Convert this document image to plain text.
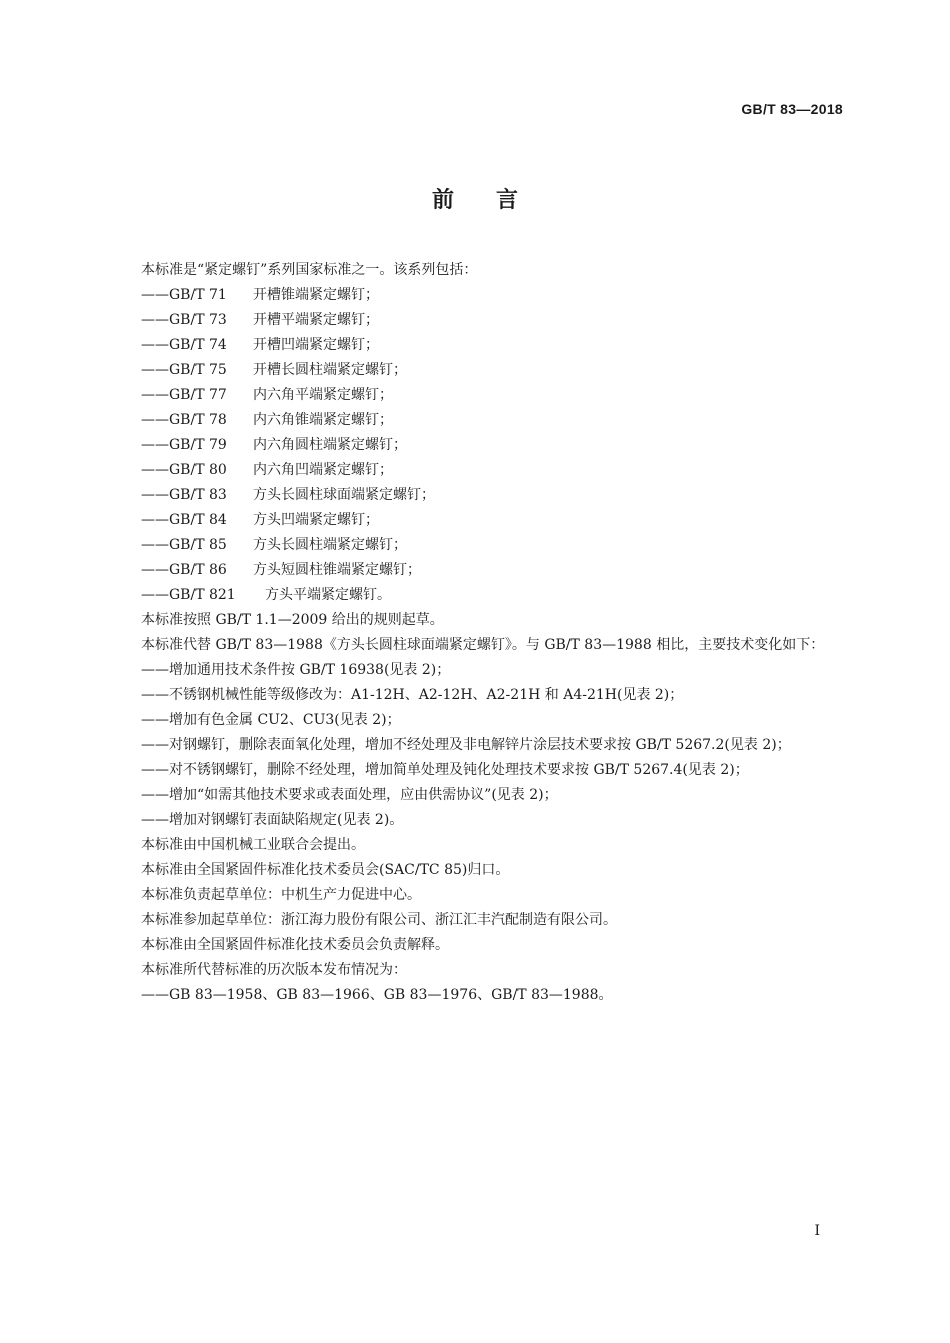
GB/T 83—2018
前言

本标准是“紧定螺钉”系列国家标准之一。该系列包括：

——GB/T 71 开槽锥端紧定螺钉；

——GB/T 73 开槽平端紧定螺钉；

——GB/T 74 开槽凹端紧定螺钉；

——GB/T 75 开槽长圆柱端紧定螺钉；

——GB/T 77 内六角平端紧定螺钉；

——GB/T 78 内六角锥端紧定螺钉；

——GB/T 79 内六角圆柱端紧定螺钉；

——GB/T 80 内六角凹端紧定螺钉；

——GB/T 83 方头长圆柱球面端紧定螺钉；

——GB/T 84 方头凹端紧定螺钉；

——GB/T 85 方头长圆柱端紧定螺钉；

——GB/T 86 方头短圆柱锥端紧定螺钉；

——GB/T 821 方头平端紧定螺钉。

本标准按照 GB/T 1.1—2009 给出的规则起草。

本标准代替 GB/T 83—1988《方头长圆柱球面端紧定螺钉》。与 GB/T 83—1988 相比，主要技术变化如下：

——增加通用技术条件按 GB/T 16938(见表 2)；

——不锈钢机械性能等级修改为：A1-12H、A2-12H、A2-21H 和 A4-21H(见表 2)；

——增加有色金属 CU2、CU3(见表 2)；

——对钢螺钉，删除表面氧化处理，增加不经处理及非电解锌片涂层技术要求按 GB/T 5267.2(见表 2)；

——对不锈钢螺钉，删除不经处理，增加简单处理及钝化处理技术要求按 GB/T 5267.4(见表 2)；

——增加“如需其他技术要求或表面处理，应由供需协议”(见表 2)；

——增加对钢螺钉表面缺陷规定(见表 2)。

本标准由中国机械工业联合会提出。

本标准由全国紧固件标准化技术委员会(SAC/TC 85)归口。

本标准负责起草单位：中机生产力促进中心。

本标准参加起草单位：浙江海力股份有限公司、浙江汇丰汽配制造有限公司。

本标准由全国紧固件标准化技术委员会负责解释。

本标准所代替标准的历次版本发布情况为：

——GB 83—1958、GB 83—1966、GB 83—1976、GB/T 83—1988。

I
